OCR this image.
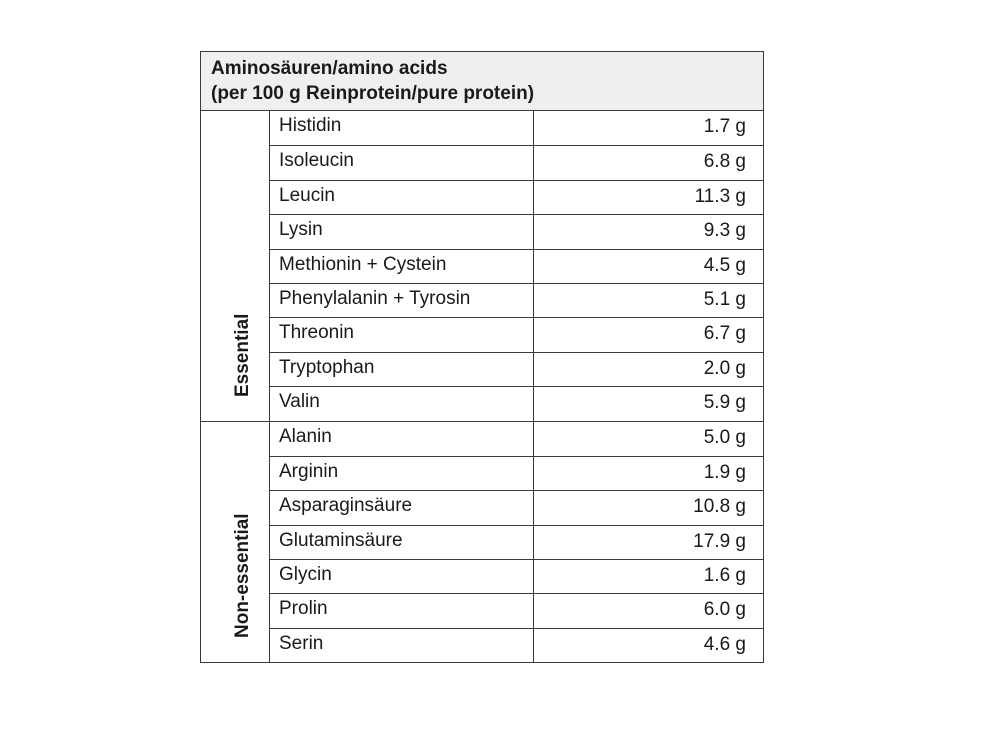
Aminosäuren/amino acids
(per 100 g Reinprotein/pure protein)
Essential
Histidin	1.7 g
Isoleucin	6.8 g
Leucin	11.3 g
Lysin	9.3 g
Methionin + Cystein	4.5 g
Phenylalanin + Tyrosin	5.1 g
Threonin	6.7 g
Tryptophan	2.0 g
Valin	5.9 g
Non-essential
Alanin	5.0 g
Arginin	1.9 g
Asparaginsäure	10.8 g
Glutaminsäure	17.9 g
Glycin	1.6 g
Prolin	6.0 g
Serin	4.6 g
